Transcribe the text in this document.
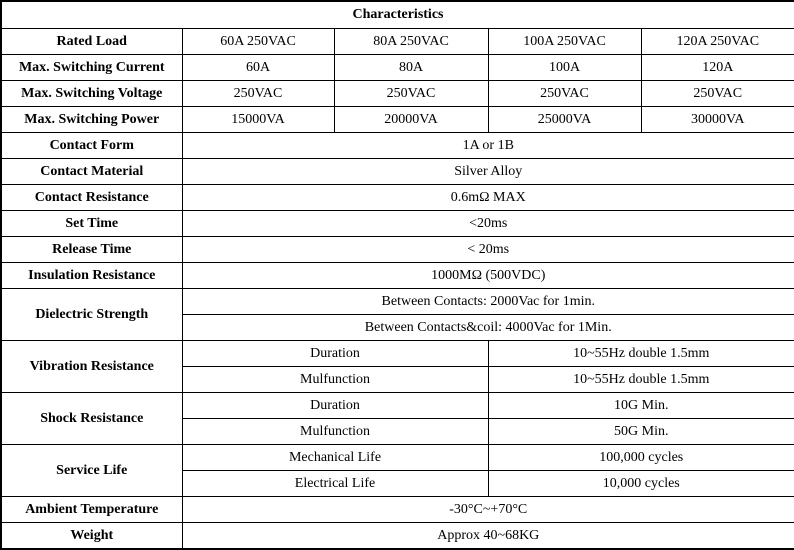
Characteristics				
Rated Load	60A 250VAC	80A 250VAC	100A 250VAC	120A 250VAC
Max. Switching Current	60A	80A	100A	120A
Max. Switching Voltage	250VAC	250VAC	250VAC	250VAC
Max. Switching Power	15000VA	20000VA	25000VA	30000VA
Contact Form	1A or 1B			
Contact Material	Silver Alloy			
Contact Resistance	0.6mΩ MAX			
Set Time	<20ms			
Release Time	< 20ms			
Insulation Resistance	1000MΩ (500VDC)			
Dielectric Strength	Between Contacts: 2000Vac for 1min.			
	Between Contacts&coil: 4000Vac for 1Min.			
Vibration Resistance	Duration		10~55Hz double 1.5mm	
	Mulfunction		10~55Hz double 1.5mm	
Shock Resistance	Duration		10G Min.	
	Mulfunction		50G Min.	
Service Life	Mechanical Life		100,000 cycles	
	Electrical Life		10,000 cycles	
Ambient Temperature	-30°C~+70°C			
Weight	Approx 40~68KG			
